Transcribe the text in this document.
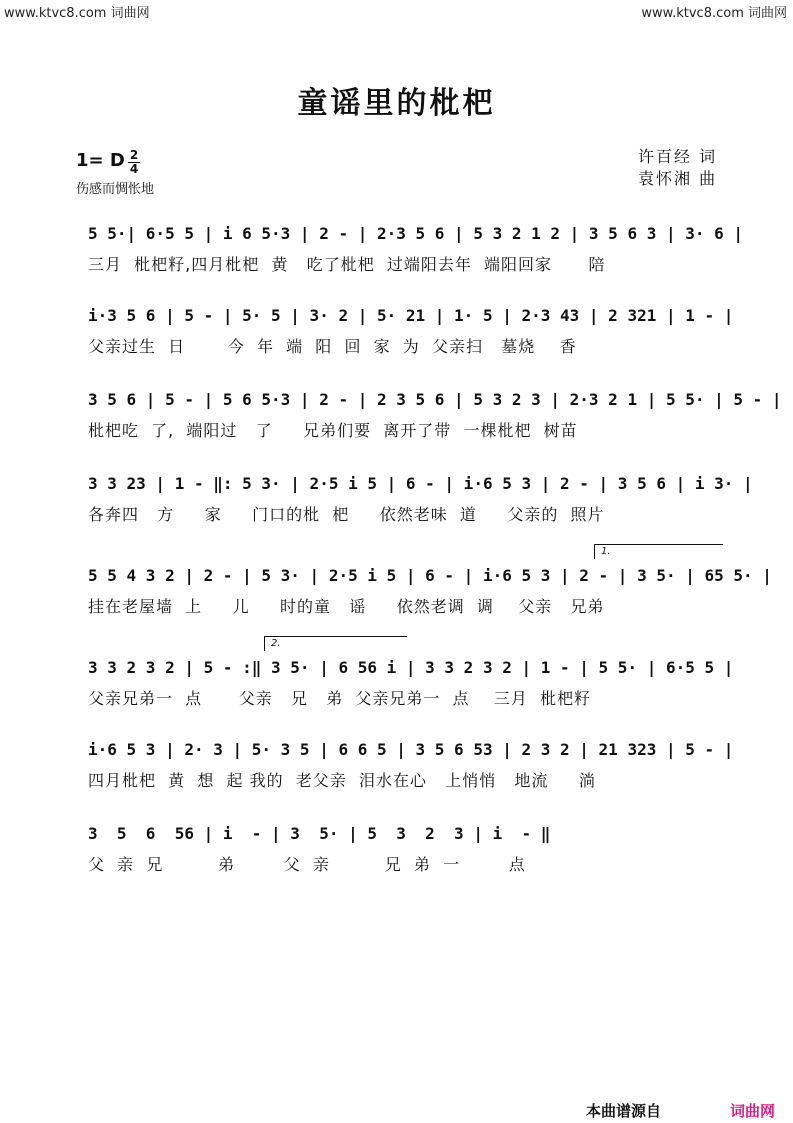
www.ktvc8.com 词曲网	www.ktvc8.com 词曲网
童谣里的枇杷
1= D 2
4
伤感而惆怅地
许百经 词
袁怀湘 曲
5 5·| 6·5 5 | i 6 5·3 | 2 - | 2·3 5 6 | 5 3 2 1 2 | 3 5 6 3 | 3· 6 |
三月  枇杷籽,四月枇杷  黄   吃了枇杷  过端阳去年  端阳回家      陪
i·3 5 6 | 5 - | 5· 5 | 3· 2 | 5· 21 | 1· 5 | 2·3 43 | 2 321 | 1 - |
父亲过生  日       今  年  端  阳  回  家  为  父亲扫   墓烧    香
3 5 6 | 5 - | 5 6 5·3 | 2 - | 2 3 5 6 | 5 3 2 3 | 2·3 2 1 | 5 5· | 5 - |
枇杷吃  了,  端阳过   了     兄弟们要  离开了带  一棵枇杷  树苗
3 3 23 | 1 - ‖: 5 3· | 2·5 i 5 | 6 - | i·6 5 3 | 2 - | 3 5 6 | i 3· |
各奔四   方     家     门口的枇  杷     依然老味  道     父亲的  照片
1.
5 5 4 3 2 | 2 - | 5 3· | 2·5 i 5 | 6 - | i·6 5 3 | 2 - | 3 5· | 65 5· |
挂在老屋墙  上     儿     时的童   谣     依然老调  调    父亲   兄弟
2.
3 3 2 3 2 | 5 - :‖ 3 5· | 6 56 i | 3 3 2 3 2 | 1 - | 5 5· | 6·5 5 |
父亲兄弟一  点      父亲   兄   弟  父亲兄弟一  点    三月  枇杷籽
i·6 5 3 | 2· 3 | 5· 3 5 | 6 6 5 | 3 5 6 53 | 2 3 2 | 21 323 | 5 - |
四月枇杷  黄  想  起 我的  老父亲  泪水在心   上悄悄   地流     淌
3  5  6  56 | i  - | 3  5· | 5  3  2  3 | i  - ‖
父  亲  兄         弟        父  亲         兄  弟  一        点
本曲谱源自	词曲网
